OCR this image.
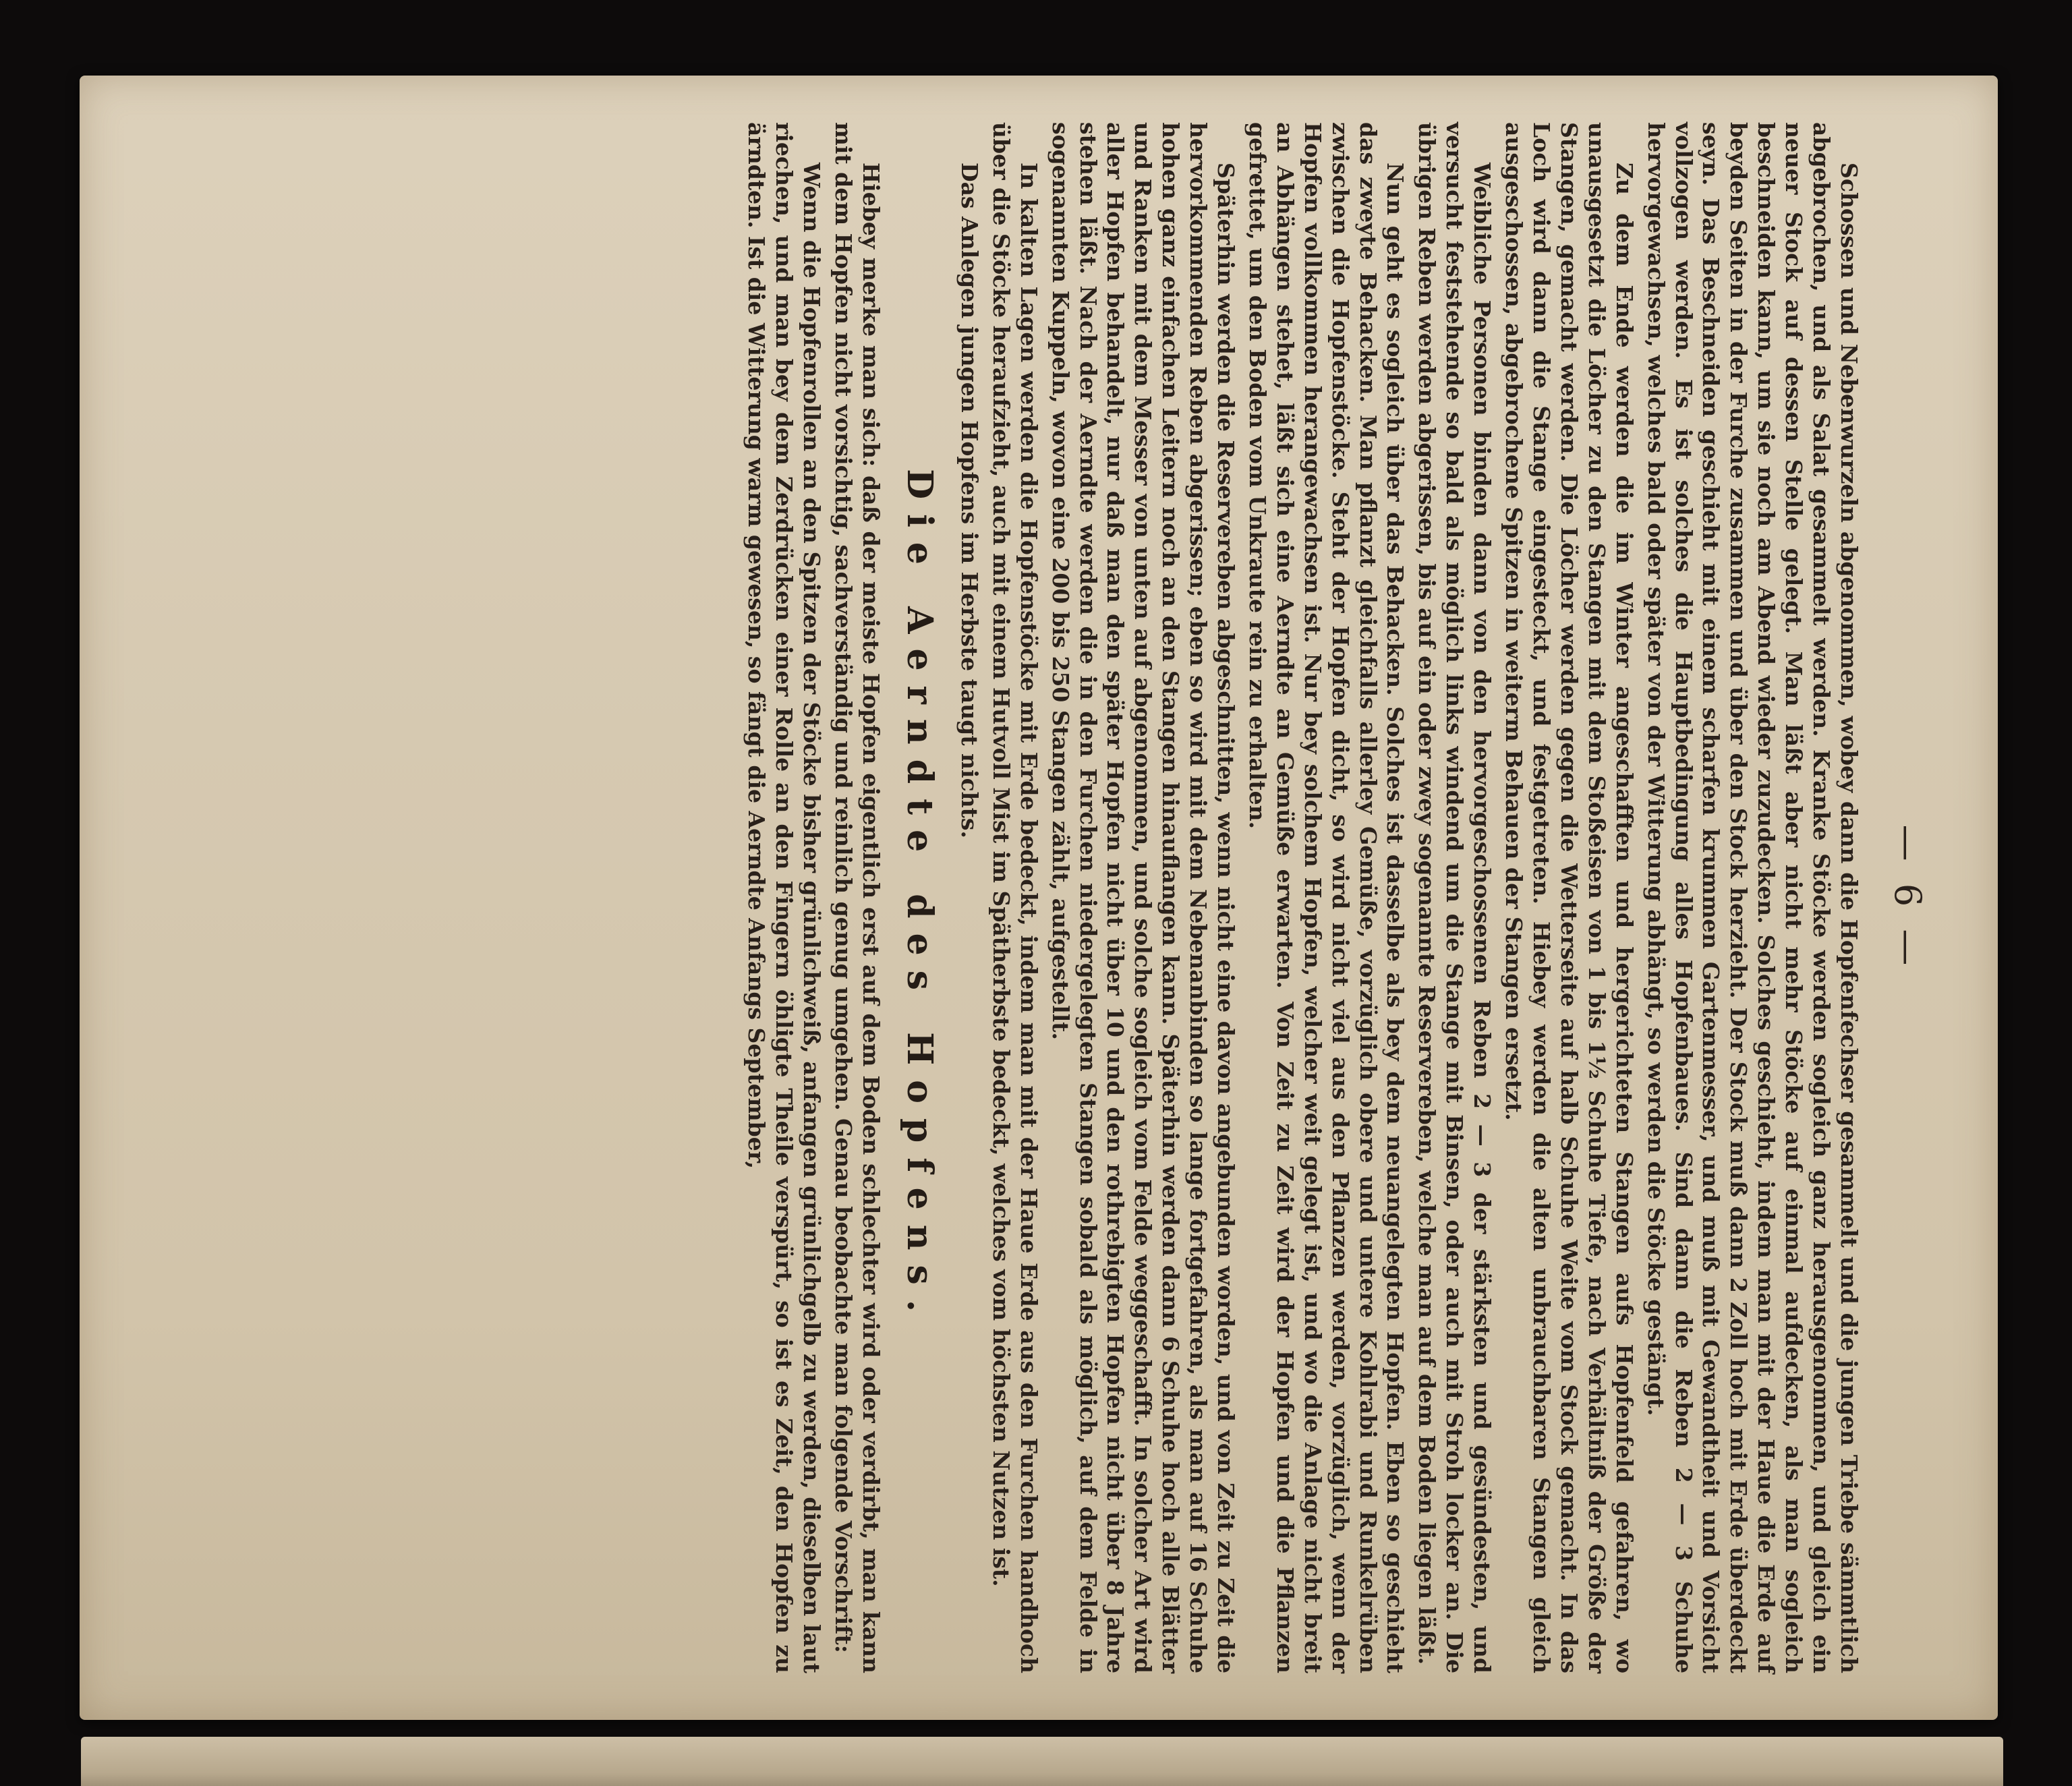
— 6 —

Schossen und Nebenwurzeln abgenommen, wobey dann die Hopfenfechser gesammelt und die jungen Triebe sämmtlich abgebrochen, und als Salat gesammelt werden. Kranke Stöcke werden sogleich ganz herausgenommen, und gleich ein neuer Stock auf dessen Stelle gelegt. Man läßt aber nicht mehr Stöcke auf einmal aufdecken, als man sogleich beschneiden kann, um sie noch am Abend wieder zuzudecken. Solches geschieht, indem man mit der Haue die Erde auf beyden Seiten in der Furche zusammen und über den Stock herzieht. Der Stock muß dann 2 Zoll hoch mit Erde überdeckt seyn. Das Beschneiden geschieht mit einem scharfen krummen Gartenmesser, und muß mit Gewandtheit und Vorsicht vollzogen werden. Es ist solches die Hauptbedingung alles Hopfenbaues. Sind dann die Reben 2 — 3 Schuhe hervorgewachsen, welches bald oder später von der Witterung abhängt, so werden die Stöcke gestängt.

Zu dem Ende werden die im Winter angeschafften und hergerichteten Stangen aufs Hopfenfeld gefahren, wo unausgesetzt die Löcher zu den Stangen mit dem Stoßeisen von 1 bis 1½ Schuhe Tiefe, nach Verhältniß der Größe der Stangen, gemacht werden. Die Löcher werden gegen die Wetterseite auf halb Schuhe Weite vom Stock gemacht. In das Loch wird dann die Stange eingesteckt, und festgetreten. Hiebey werden die alten unbrauchbaren Stangen gleich ausgeschossen, abgebrochene Spitzen in weiterm Behauen der Stangen ersetzt.

Weibliche Personen binden dann von den hervorgeschossenen Reben 2 — 3 der stärksten und gesündesten, und versucht feststehende so bald als möglich links windend um die Stange mit Binsen, oder auch mit Stroh locker an. Die übrigen Reben werden abgerissen, bis auf ein oder zwey sogenannte Reservereben, welche man auf dem Boden liegen läßt.

Nun geht es sogleich über das Behacken. Solches ist dasselbe als bey dem neuangelegten Hopfen. Eben so geschieht das zweyte Behacken. Man pflanzt gleichfalls allerley Gemüße, vorzüglich obere und untere Kohlrabi und Runkelrüben zwischen die Hopfenstöcke. Steht der Hopfen dicht, so wird nicht viel aus den Pflanzen werden, vorzüglich, wenn der Hopfen vollkommen herangewachsen ist. Nur bey solchem Hopfen, welcher weit gelegt ist, und wo die Anlage nicht breit an Abhängen stehet, läßt sich eine Aerndte an Gemüße erwarten. Von Zeit zu Zeit wird der Hopfen und die Pflanzen gefrettet, um den Boden vom Unkraute rein zu erhalten.

Späterhin werden die Reservereben abgeschnitten, wenn nicht eine davon angebunden worden, und von Zeit zu Zeit die hervorkommenden Reben abgerissen; eben so wird mit dem Nebenanbinden so lange fortgefahren, als man auf 16 Schuhe hohen ganz einfachen Leitern noch an den Stangen hinauflangen kann. Späterhin werden dann 6 Schuhe hoch alle Blätter und Ranken mit dem Messer von unten auf abgenommen, und solche sogleich vom Felde weggeschafft. In solcher Art wird aller Hopfen behandelt, nur daß man den später Hopfen nicht über 10 und den rothrebigten Hopfen nicht über 8 Jahre stehen läßt. Nach der Aerndte werden die in den Furchen niedergelegten Stangen sobald als möglich, auf dem Felde in sogenannten Kuppeln, wovon eine 200 bis 250 Stangen zählt, aufgestellt.

In kalten Lagen werden die Hopfenstöcke mit Erde bedeckt, indem man mit der Haue Erde aus den Furchen handhoch über die Stöcke heraufzieht, auch mit einem Hutvoll Mist im Spätherbste bedeckt, welches vom höchsten Nutzen ist.

Das Anlegen jungen Hopfens im Herbste taugt nichts.

Die Aerndte des Hopfens.

Hiebey merke man sich: daß der meiste Hopfen eigentlich erst auf dem Boden schlechter wird oder verdirbt, man kann mit dem Hopfen nicht vorsichtig, sachverständig und reinlich genug umgehen. Genau beobachte man folgende Vorschrift:

Wenn die Hopfenrollen an den Spitzen der Stöcke bisher grünlichweiß, anfangen grünlichgelb zu werden, dieselben laut riechen, und man bey dem Zerdrücken einer Rolle an den Fingern öhligte Theile verspürt, so ist es Zeit, den Hopfen zu ärndten. Ist die Witterung warm gewesen, so fängt die Aerndte Anfangs September,
